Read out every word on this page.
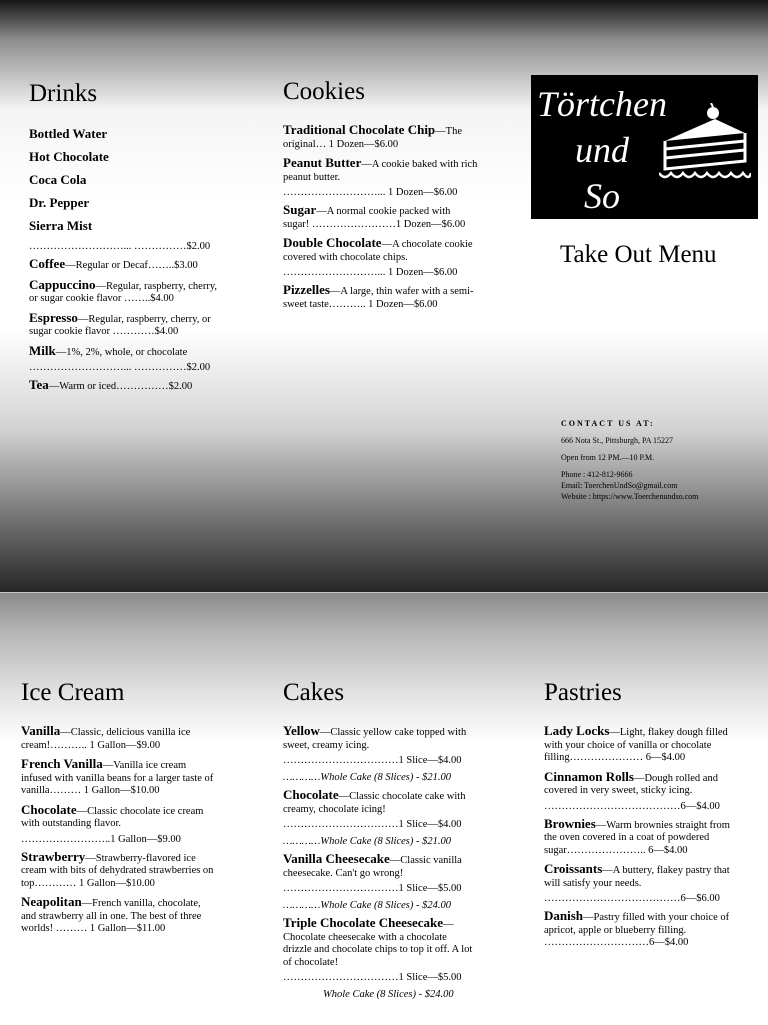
Drinks
Bottled Water
Hot Chocolate
Coca Cola
Dr. Pepper
Sierra Mist
………………………... ……………$2.00
Coffee—Regular or Decaf……..$3.00
Cappuccino—Regular, raspberry, cherry, or sugar cookie flavor ……..$4.00
Espresso—Regular, raspberry, cherry, or sugar cookie flavor …………$4.00
Milk—1%, 2%, whole, or chocolate
………………………... ……………$2.00
Tea—Warm or iced……………$2.00
Cookies
Traditional Chocolate Chip—The original… 1 Dozen—$6.00
Peanut Butter—A cookie baked with rich peanut butter.
………………………... 1 Dozen—$6.00
Sugar—A normal cookie packed with sugar! ……………………1 Dozen—$6.00
Double Chocolate—A chocolate cookie covered with chocolate chips.
………………………... 1 Dozen—$6.00
Pizzelles—A large, thin wafer with a semi-sweet taste……….. 1 Dozen—$6.00
Törtchen
und
So
Take Out Menu
CONTACT US AT:
666 Nota St., Pittsburgh, PA 15227
Open from 12 PM.—10 P.M.
Phone : 412-812-9666
Email: ToerchenUndSo@gmail.com
Website : https://www.Toerchenundso.com
Ice Cream
Vanilla—Classic, delicious vanilla ice cream!……….. 1 Gallon—$9.00
French Vanilla—Vanilla ice cream infused with vanilla beans for a larger taste of vanilla……… 1 Gallon—$10.00
Chocolate—Classic chocolate ice cream with outstanding flavor.
……………………..1 Gallon—$9.00
Strawberry—Strawberry-flavored ice cream with bits of dehydrated strawberries on top………… 1 Gallon—$10.00
Neapolitan—French vanilla, chocolate, and strawberry all in one. The best of three worlds! ……… 1 Gallon—$11.00
Cakes
Yellow—Classic yellow cake topped with sweet, creamy icing.
……………………………1 Slice—$4.00
…………Whole Cake (8 Slices) - $21.00
Chocolate—Classic chocolate cake with creamy, chocolate icing!
……………………………1 Slice—$4.00
…………Whole Cake (8 Slices) - $21.00
Vanilla Cheesecake—Classic vanilla cheesecake. Can't go wrong!
……………………………1 Slice—$5.00
…………Whole Cake (8 Slices) - $24.00
Triple Chocolate Cheesecake—Chocolate cheesecake with a chocolate drizzle and chocolate chips to top it off. A lot of chocolate!
……………………………1 Slice—$5.00
Whole Cake (8 Slices) - $24.00
Pastries
Lady Locks—Light, flakey dough filled with your choice of vanilla or chocolate filling………………… 6—$4.00
Cinnamon Rolls—Dough rolled and covered in very sweet, sticky icing.
…………………………………6—$4.00
Brownies—Warm brownies straight from the oven covered in a coat of powdered sugar………………….. 6—$4.00
Croissants—A buttery, flakey pastry that will satisfy your needs.
…………………………………6—$6.00
Danish—Pastry filled with your choice of apricot, apple or blueberry filling. …………………………6—$4.00
